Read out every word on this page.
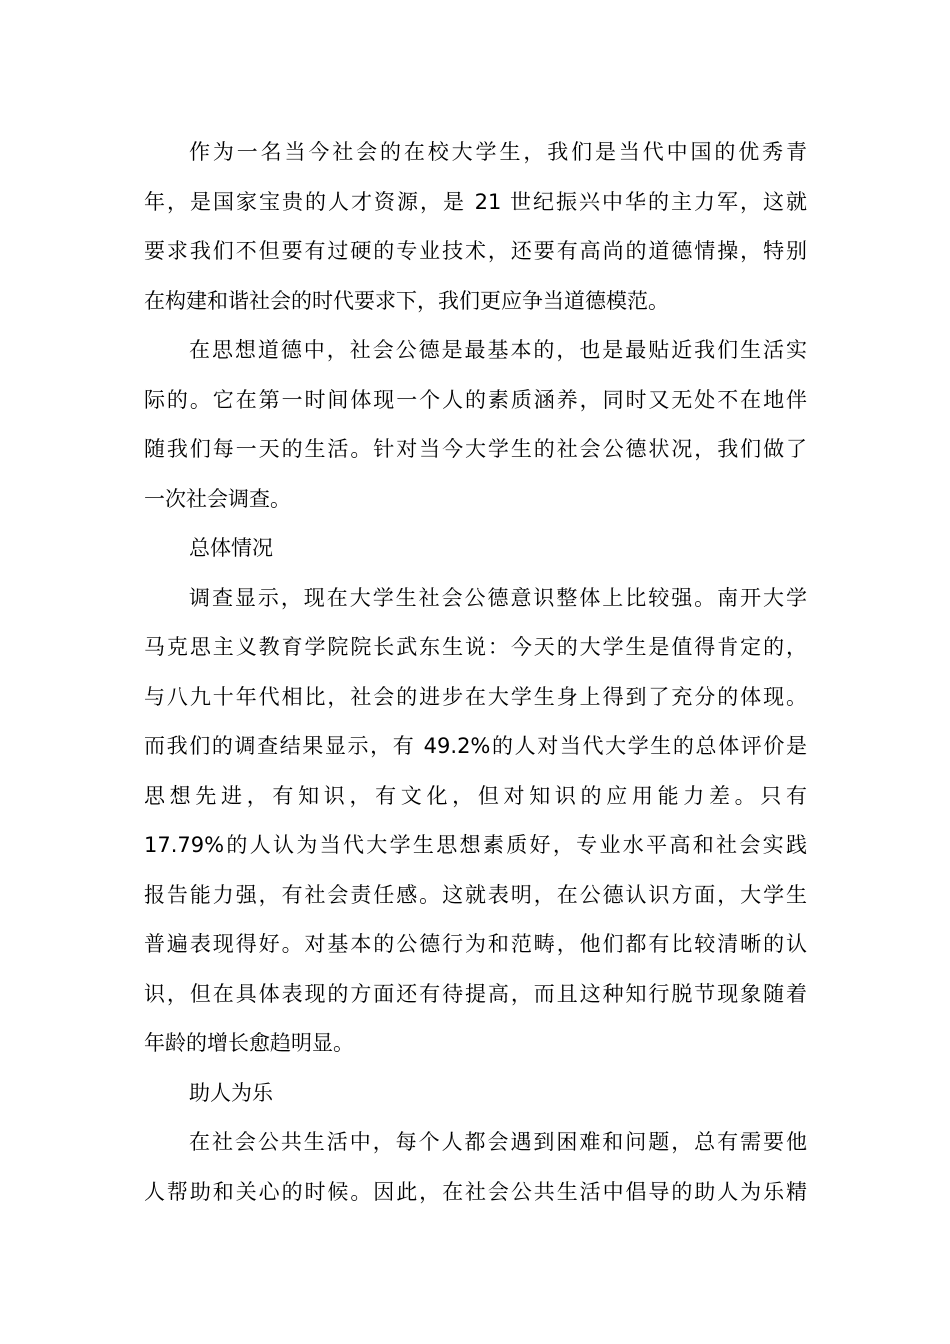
作为一名当今社会的在校大学生，我们是当代中国的优秀青
年，是国家宝贵的人才资源，是 21 世纪振兴中华的主力军，这就
要求我们不但要有过硬的专业技术，还要有高尚的道德情操，特别
在构建和谐社会的时代要求下，我们更应争当道德模范。
在思想道德中，社会公德是最基本的，也是最贴近我们生活实
际的。它在第一时间体现一个人的素质涵养，同时又无处不在地伴
随我们每一天的生活。针对当今大学生的社会公德状况，我们做了
一次社会调查。
总体情况
调查显示，现在大学生社会公德意识整体上比较强。南开大学
马克思主义教育学院院长武东生说：今天的大学生是值得肯定的，
与八九十年代相比，社会的进步在大学生身上得到了充分的体现。
而我们的调查结果显示，有 49.2%的人对当代大学生的总体评价是
思想先进，有知识，有文化，但对知识的应用能力差。只有
17.79%的人认为当代大学生思想素质好，专业水平高和社会实践
报告能力强，有社会责任感。这就表明，在公德认识方面，大学生
普遍表现得好。对基本的公德行为和范畴，他们都有比较清晰的认
识，但在具体表现的方面还有待提高，而且这种知行脱节现象随着
年龄的增长愈趋明显。
助人为乐
在社会公共生活中，每个人都会遇到困难和问题，总有需要他
人帮助和关心的时候。因此，在社会公共生活中倡导的助人为乐精
